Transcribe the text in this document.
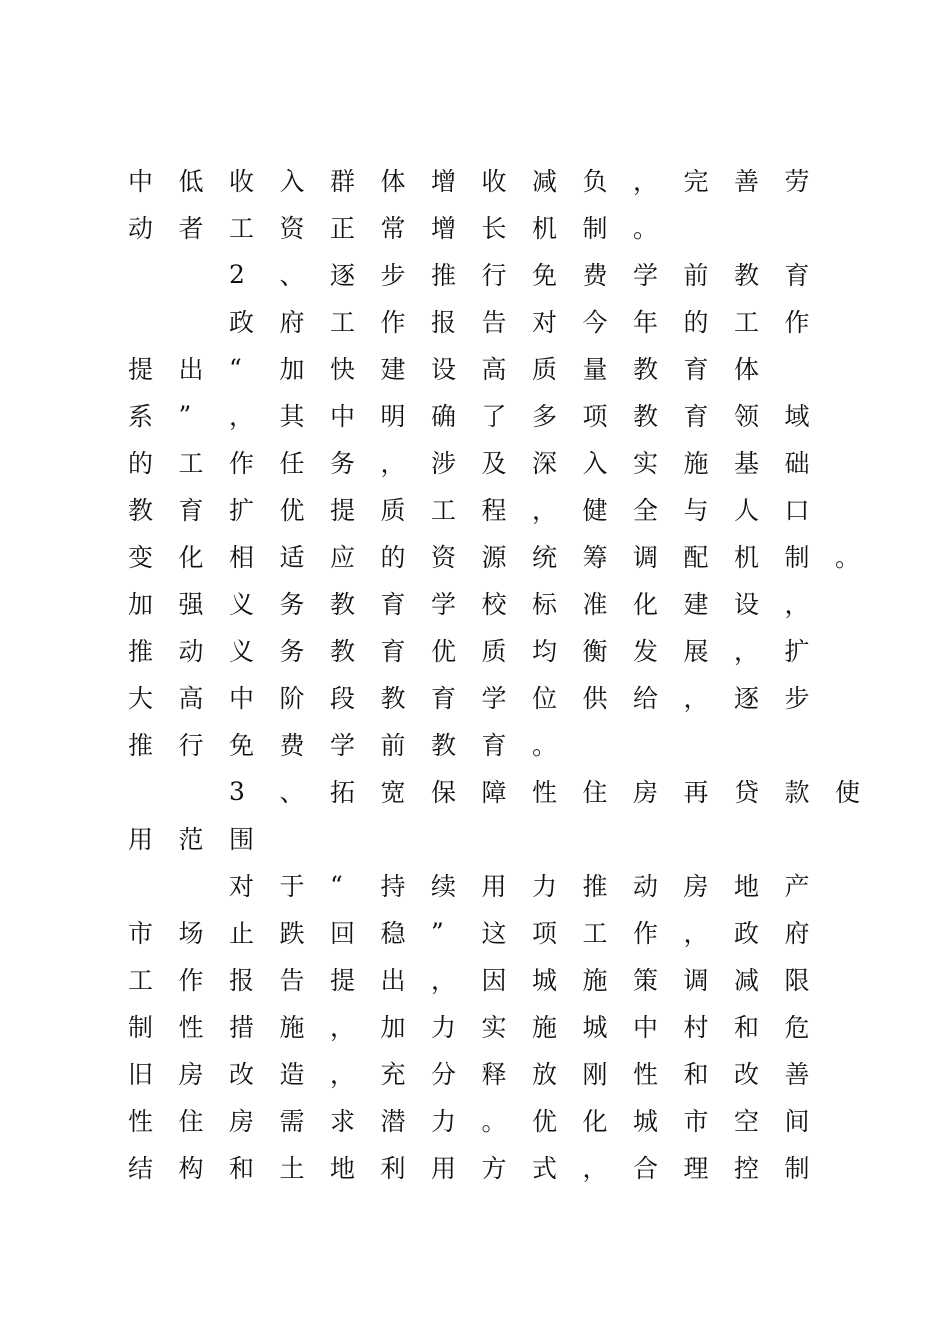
中	低	收	入	群	体	增	收	减	负	，	完	善	劳
动	者	工	资	正	常	增	长	机	制	。

2	、	逐	步	推	行	免	费	学	前	教	育

政	府	工	作	报	告	对	今	年	的	工	作
提	出	“	加	快	建	设	高	质	量	教	育	体
系	”	，	其	中	明	确	了	多	项	教	育	领	域
的	工	作	任	务	，	涉	及	深	入	实	施	基	础
教	育	扩	优	提	质	工	程	，	健	全	与	人	口
变	化	相	适	应	的	资	源	统	筹	调	配	机	制	。
加	强	义	务	教	育	学	校	标	准	化	建	设	，
推	动	义	务	教	育	优	质	均	衡	发	展	，	扩
大	高	中	阶	段	教	育	学	位	供	给	，	逐	步
推	行	免	费	学	前	教	育	。

3	、	拓	宽	保	障	性	住	房	再	贷	款	使
用	范	围

对	于	“	持	续	用	力	推	动	房	地	产
市	场	止	跌	回	稳	”	这	项	工	作	，	政	府
工	作	报	告	提	出	，	因	城	施	策	调	减	限
制	性	措	施	，	加	力	实	施	城	中	村	和	危
旧	房	改	造	，	充	分	释	放	刚	性	和	改	善
性	住	房	需	求	潜	力	。	优	化	城	市	空	间
结	构	和	土	地	利	用	方	式	，	合	理	控	制
